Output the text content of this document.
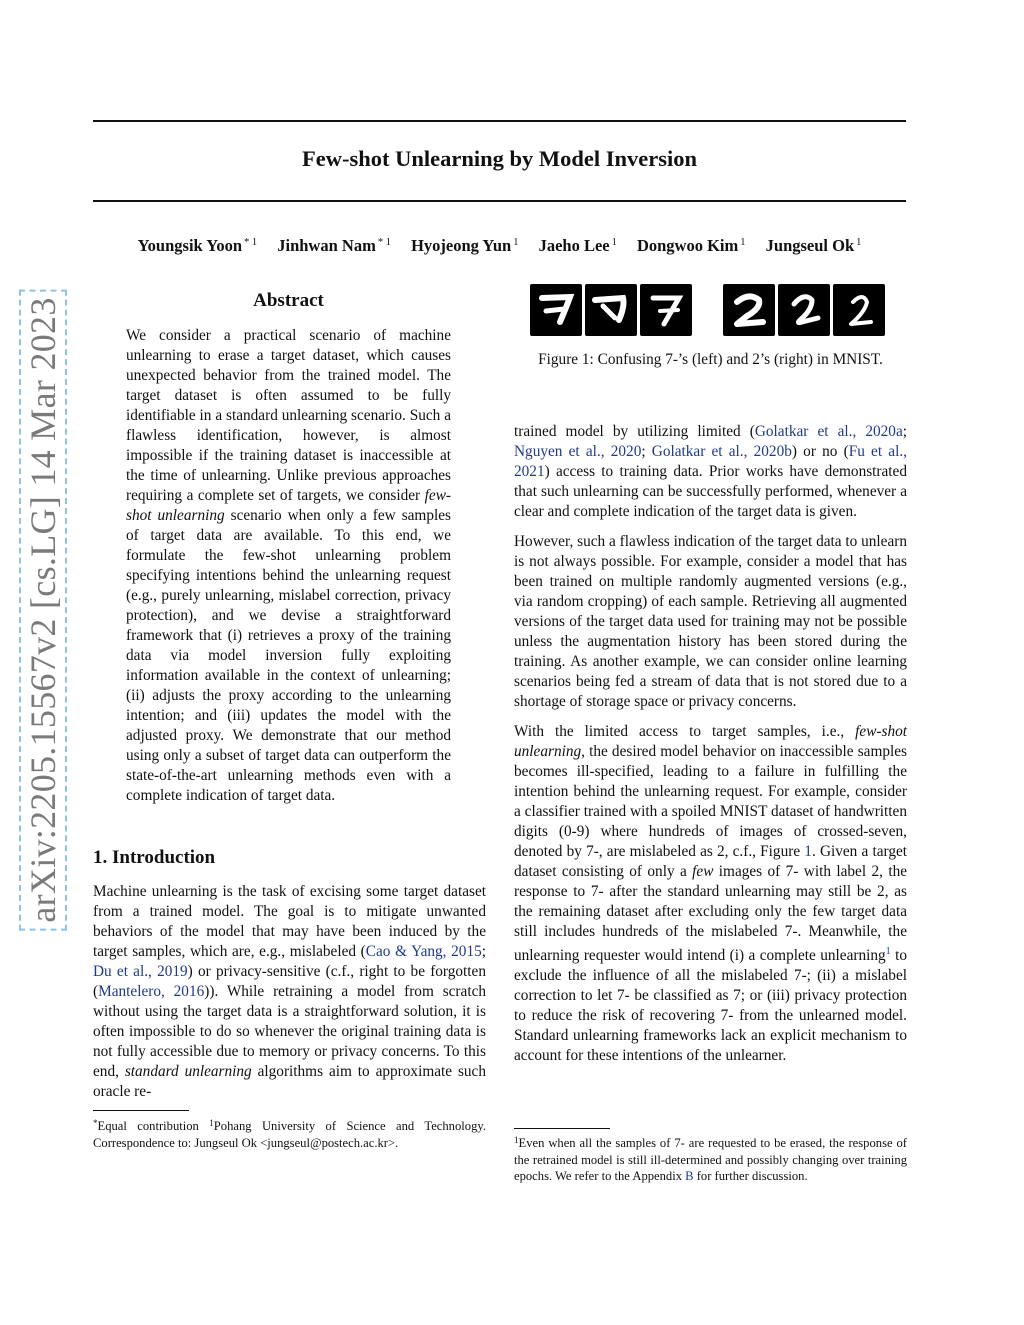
Few-shot Unlearning by Model Inversion
Youngsik Yoon $^{* 1}$ Jinhwan Nam $^{* 1}$ Hyojeong Yun $^1$ Jaeho Lee $^1$ Dongwoo Kim $^1$ Jungseul Ok $^1$
arXiv:2205.15567v2 [cs.LG] 14 Mar 2023	Abstract

We consider a practical scenario of machine unlearning to erase a target dataset, which causes unexpected behavior from the trained model. The target dataset is often assumed to be fully identifiable in a standard unlearning scenario. Such a flawless identification, however, is almost impossible if the training dataset is inaccessible at the time of unlearning. Unlike previous approaches requiring a complete set of targets, we consider few-shot unlearning scenario when only a few samples of target data are available. To this end, we formulate the few-shot unlearning problem specifying intentions behind the unlearning request (e.g., purely unlearning, mislabel correction, privacy protection), and we devise a straightforward framework that (i) retrieves a proxy of the training data via model inversion fully exploiting information available in the context of unlearning; (ii) adjusts the proxy according to the unlearning intention; and (iii) updates the model with the adjusted proxy. We demonstrate that our method using only a subset of target data can outperform the state-of-the-art unlearning methods even with a complete indication of target data.

Figure 1: Confusing 7-’s (left) and 2’s (right) in MNIST.
1. Introduction

Machine unlearning is the task of excising some target dataset from a trained model. The goal is to mitigate unwanted behaviors of the model that may have been induced by the target samples, which are, e.g., mislabeled (Cao & Yang, 2015; Du et al., 2019) or privacy-sensitive (c.f., right to be forgotten (Mantelero, 2016)). While retraining a model from scratch without using the target data is a straightforward solution, it is often impossible to do so whenever the original training data is not fully accessible due to memory or privacy concerns. To this end, standard unlearning algorithms aim to approximate such oracle re-

*Equal contribution $^1$Pohang University of Science and Technology. Correspondence to: Jungseul Ok <jungseul@postech.ac.kr>.

trained model by utilizing limited (Golatkar et al., 2020a; Nguyen et al., 2020; Golatkar et al., 2020b) or no (Fu et al., 2021) access to training data. Prior works have demonstrated that such unlearning can be successfully performed, whenever a clear and complete indication of the target data is given.

However, such a flawless indication of the target data to unlearn is not always possible. For example, consider a model that has been trained on multiple randomly augmented versions (e.g., via random cropping) of each sample. Retrieving all augmented versions of the target data used for training may not be possible unless the augmentation history has been stored during the training. As another example, we can consider online learning scenarios being fed a stream of data that is not stored due to a shortage of storage space or privacy concerns.

With the limited access to target samples, i.e., few-shot unlearning, the desired model behavior on inaccessible samples becomes ill-specified, leading to a failure in fulfilling the intention behind the unlearning request. For example, consider a classifier trained with a spoiled MNIST dataset of handwritten digits (0-9) where hundreds of images of crossed-seven, denoted by 7-, are mislabeled as 2, c.f., Figure 1. Given a target dataset consisting of only a few images of 7- with label 2, the response to 7- after the standard unlearning may still be 2, as the remaining dataset after excluding only the few target data still includes hundreds of the mislabeled 7-. Meanwhile, the unlearning requester would intend (i) a complete unlearning$^1$ to exclude the influence of all the mislabeled 7-; (ii) a mislabel correction to let 7- be classified as 7; or (iii) privacy protection to reduce the risk of recovering 7- from the unlearned model. Standard unlearning frameworks lack an explicit mechanism to account for these intentions of the unlearner.

$^1$Even when all the samples of 7- are requested to be erased, the response of the retrained model is still ill-determined and possibly changing over training epochs. We refer to the Appendix B for further discussion.
